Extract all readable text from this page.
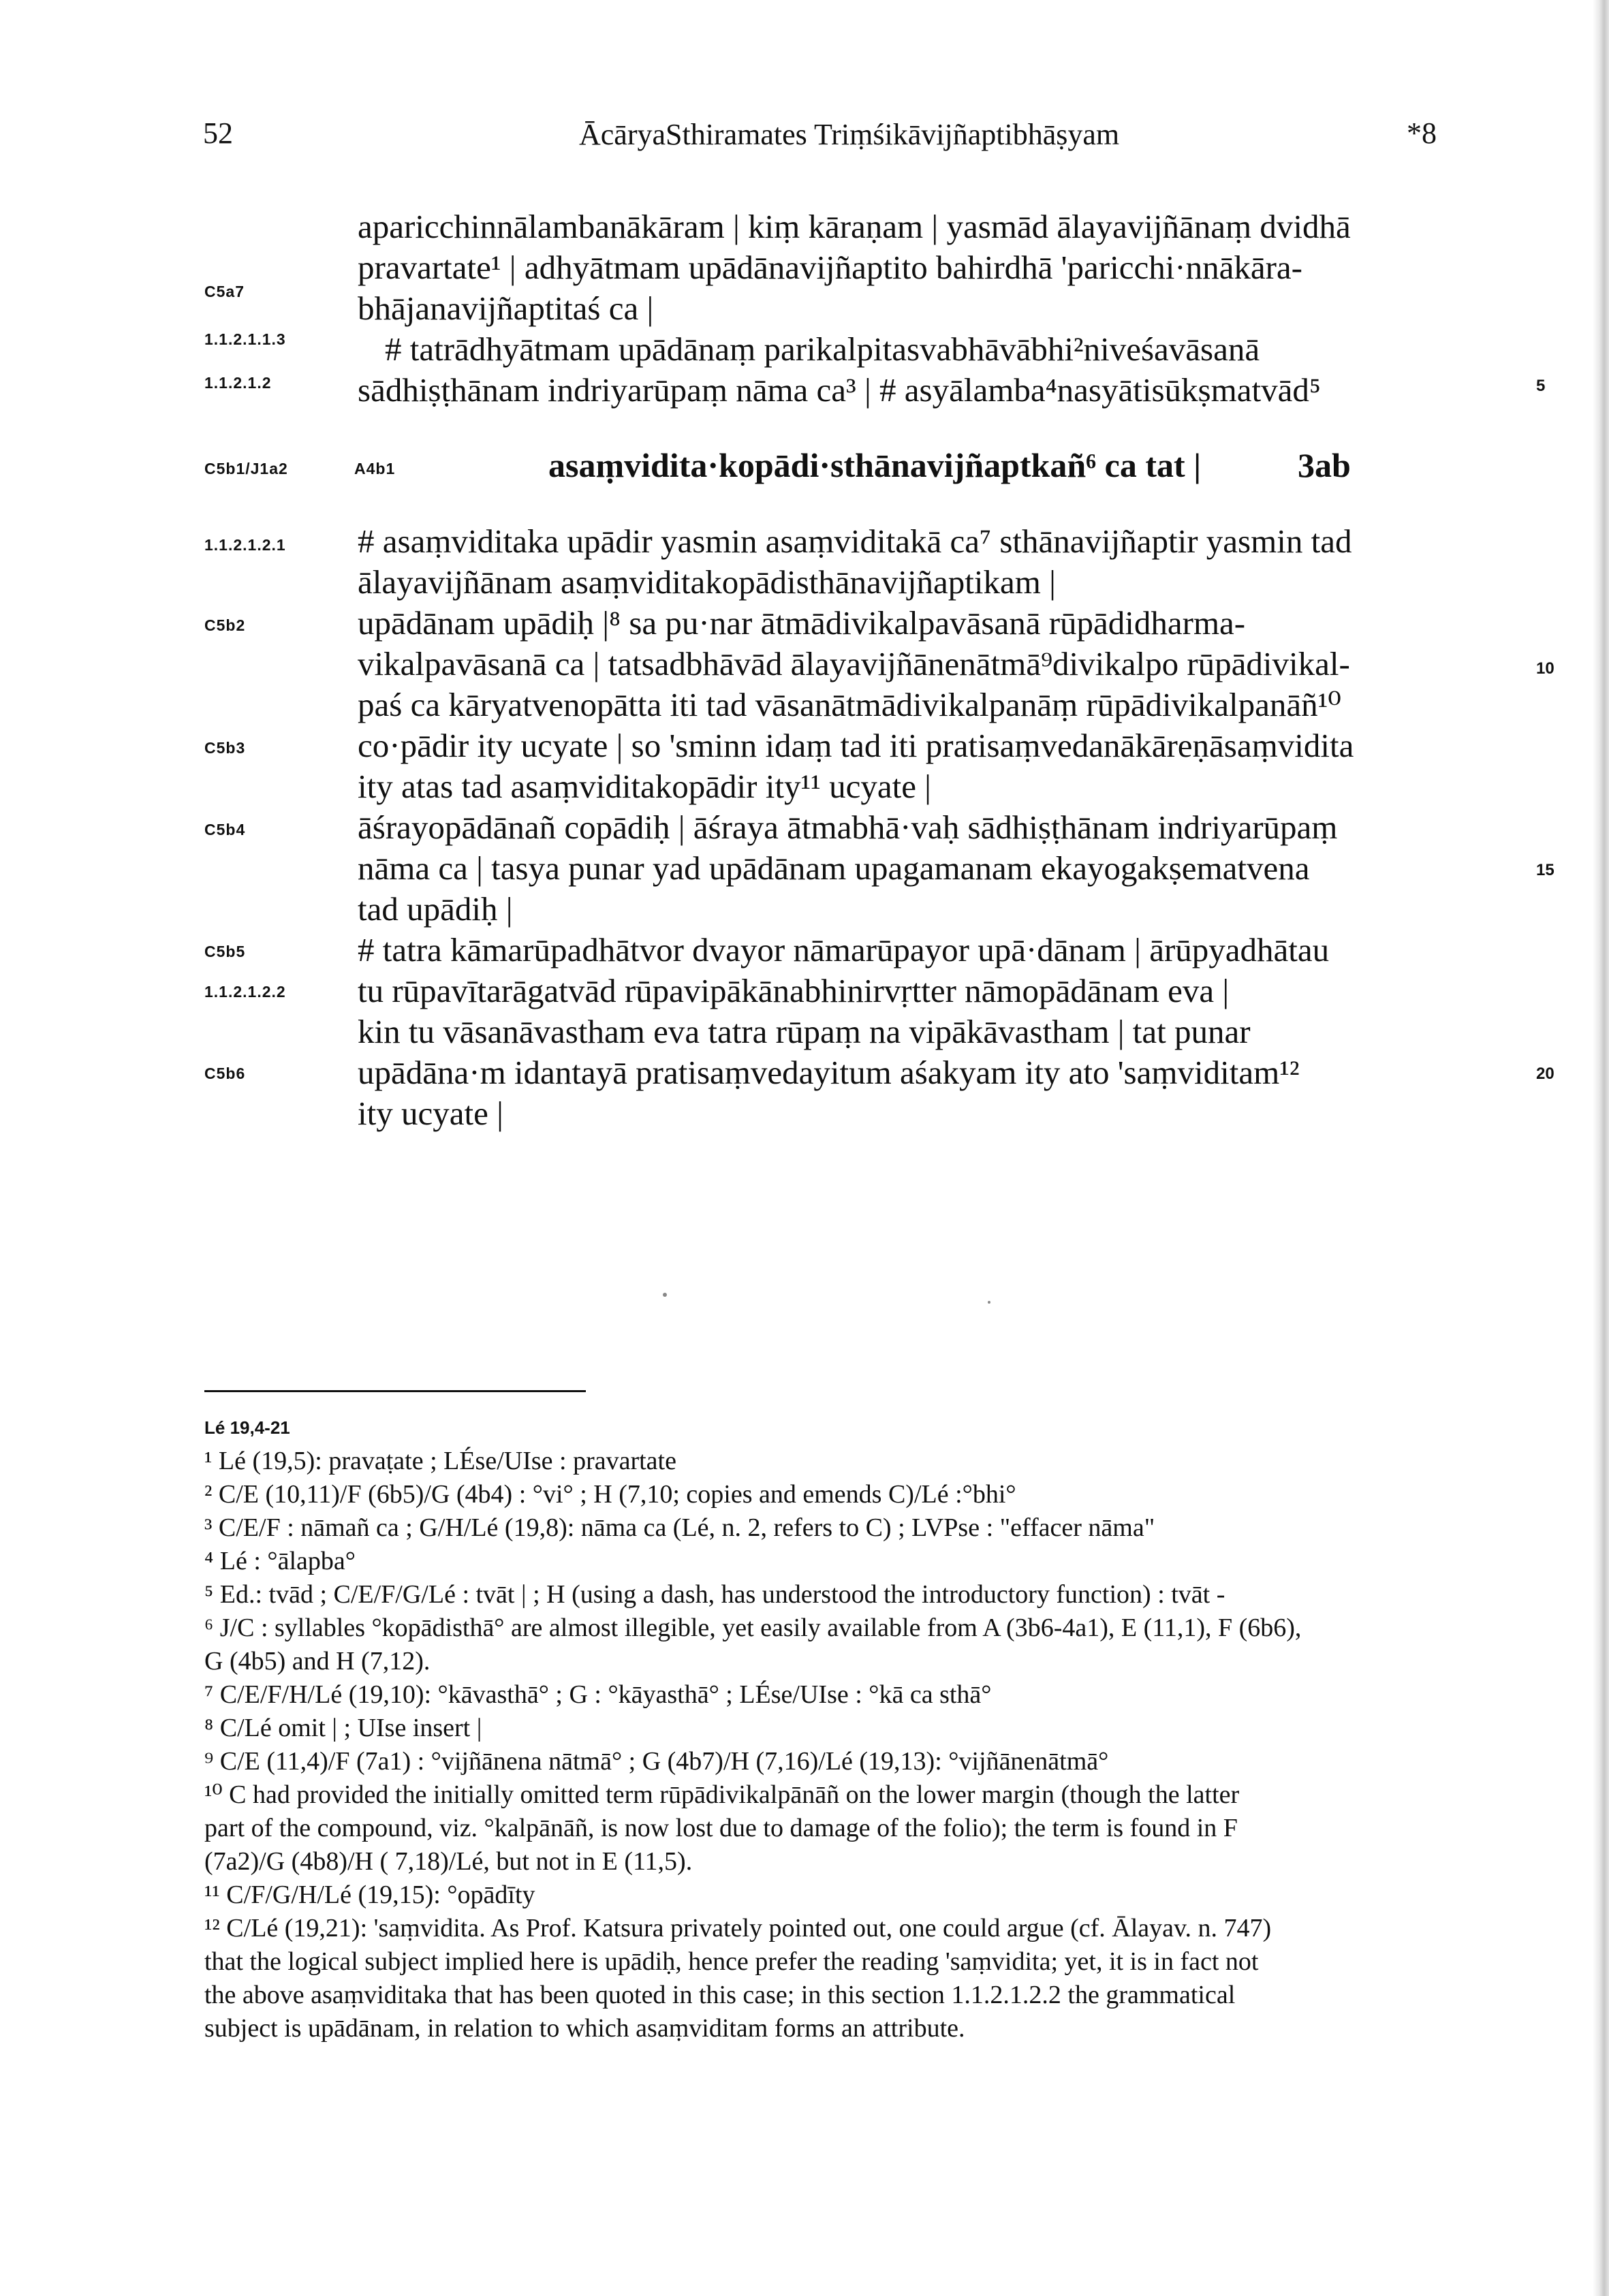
52	ĀcāryaSthiramates Triṃśikāvijñaptibhāṣyam	*8
C5a7
1.1.2.1.1.3
1.1.2.1.2
C5b1/J1a2	A4b1
1.1.2.1.2.1
C5b2
C5b3
C5b4
C5b5
1.1.2.1.2.2
C5b6
5
10
15
20
aparicchinnālambanākāram | kiṃ kāraṇam | yasmād ālayavijñānaṃ dvidhā
pravartate¹ | adhyātmam upādānavijñaptito bahirdhā 'paricchi·nnākāra-
bhājanavijñaptitaś ca |
# tatrādhyātmam upādānaṃ parikalpitasvabhāvābhi²niveśavāsanā
sādhiṣṭhānam indriyarūpaṃ nāma ca³ | # asyālamba⁴nasyātisūkṣmatvād⁵
asaṃvidita·kopādi·sthānavijñaptkañ⁶ ca tat |	3ab
# asaṃviditaka upādir yasmin asaṃviditakā ca⁷ sthānavijñaptir yasmin tad
ālayavijñānam asaṃviditakopādisthānavijñaptikam |
upādānam upādiḥ |⁸ sa pu·nar ātmādivikalpavāsanā rūpādidharma-
vikalpavāsanā ca | tatsadbhāvād ālayavijñānenātmā⁹divikalpo rūpādivikal-
paś ca kāryatvenopātta iti tad vāsanātmādivikalpanāṃ rūpādivikalpanāñ¹⁰
co·pādir ity ucyate | so 'sminn idaṃ tad iti pratisaṃvedanākāreṇāsaṃvidita
ity atas tad asaṃviditakopādir ity¹¹ ucyate |
āśrayopādānañ copādiḥ | āśraya ātmabhā·vaḥ sādhiṣṭhānam indriyarūpaṃ
nāma ca | tasya punar yad upādānam upagamanam ekayogakṣematvena
tad upādiḥ |
# tatra kāmarūpadhātvor dvayor nāmarūpayor upā·dānam | ārūpyadhātau
tu rūpavītarāgatvād rūpavipākānabhinirvṛtter nāmopādānam eva |
kin tu vāsanāvastham eva tatra rūpaṃ na vipākāvastham | tat punar
upādāna·m idantayā pratisaṃvedayitum aśakyam ity ato 'saṃviditam¹²
ity ucyate |
Lé 19,4-21
¹ Lé (19,5): pravaṭate ; LÉse/UIse : pravartate
² C/E (10,11)/F (6b5)/G (4b4) : °vi° ; H (7,10; copies and emends C)/Lé :°bhi°
³ C/E/F : nāmañ ca ; G/H/Lé (19,8): nāma ca (Lé, n. 2, refers to C) ; LVPse : "effacer nāma"
⁴ Lé : °ālapba°
⁵ Ed.: tvād ; C/E/F/G/Lé : tvāt | ; H (using a dash, has understood the introductory function) : tvāt -
⁶ J/C : syllables °kopādisthā° are almost illegible, yet easily available from A (3b6-4a1), E (11,1), F (6b6),
G (4b5) and H (7,12).
⁷ C/E/F/H/Lé (19,10): °kāvasthā° ; G : °kāyasthā° ; LÉse/UIse : °kā ca sthā°
⁸ C/Lé omit | ; UIse insert |
⁹ C/E (11,4)/F (7a1) : °vijñānena nātmā° ; G (4b7)/H (7,16)/Lé (19,13): °vijñānenātmā°
¹⁰ C had provided the initially omitted term rūpādivikalpānāñ on the lower margin (though the latter
part of the compound, viz. °kalpānāñ, is now lost due to damage of the folio); the term is found in F
(7a2)/G (4b8)/H ( 7,18)/Lé, but not in E (11,5).
¹¹ C/F/G/H/Lé (19,15): °opādīty
¹² C/Lé (19,21): 'saṃvidita. As Prof. Katsura privately pointed out, one could argue (cf. Ālayav. n. 747)
that the logical subject implied here is upādiḥ, hence prefer the reading 'saṃvidita; yet, it is in fact not
the above asaṃviditaka that has been quoted in this case; in this section 1.1.2.1.2.2 the grammatical
subject is upādānam, in relation to which asaṃviditam forms an attribute.
